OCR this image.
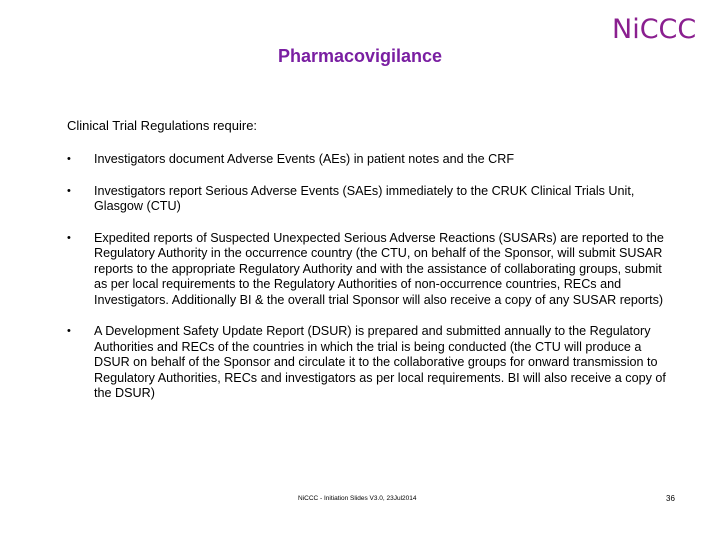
Pharmacovigilance
NiCCC
Clinical Trial Regulations require:
• Investigators document Adverse Events (AEs) in patient notes and the CRF
• Investigators report Serious Adverse Events (SAEs) immediately to the CRUK Clinical Trials Unit, Glasgow (CTU)
• Expedited reports of Suspected Unexpected Serious Adverse Reactions (SUSARs) are reported to the Regulatory Authority in the occurrence country (the CTU, on behalf of the Sponsor, will submit SUSAR reports to the appropriate Regulatory Authority and with the assistance of collaborating groups, submit as per local requirements to the Regulatory Authorities of non-occurrence countries, RECs and Investigators. Additionally BI & the overall trial Sponsor will also receive a copy of any SUSAR reports)
• A Development Safety Update Report (DSUR) is prepared and submitted annually to the Regulatory Authorities and RECs of the countries in which the trial is being conducted (the CTU will produce a DSUR on behalf of the Sponsor and circulate it to the collaborative groups for onward transmission to Regulatory Authorities, RECs and investigators as per local requirements. BI will also receive a copy of the DSUR)
NiCCC - Initiation Slides V3.0, 23Jul2014	36
